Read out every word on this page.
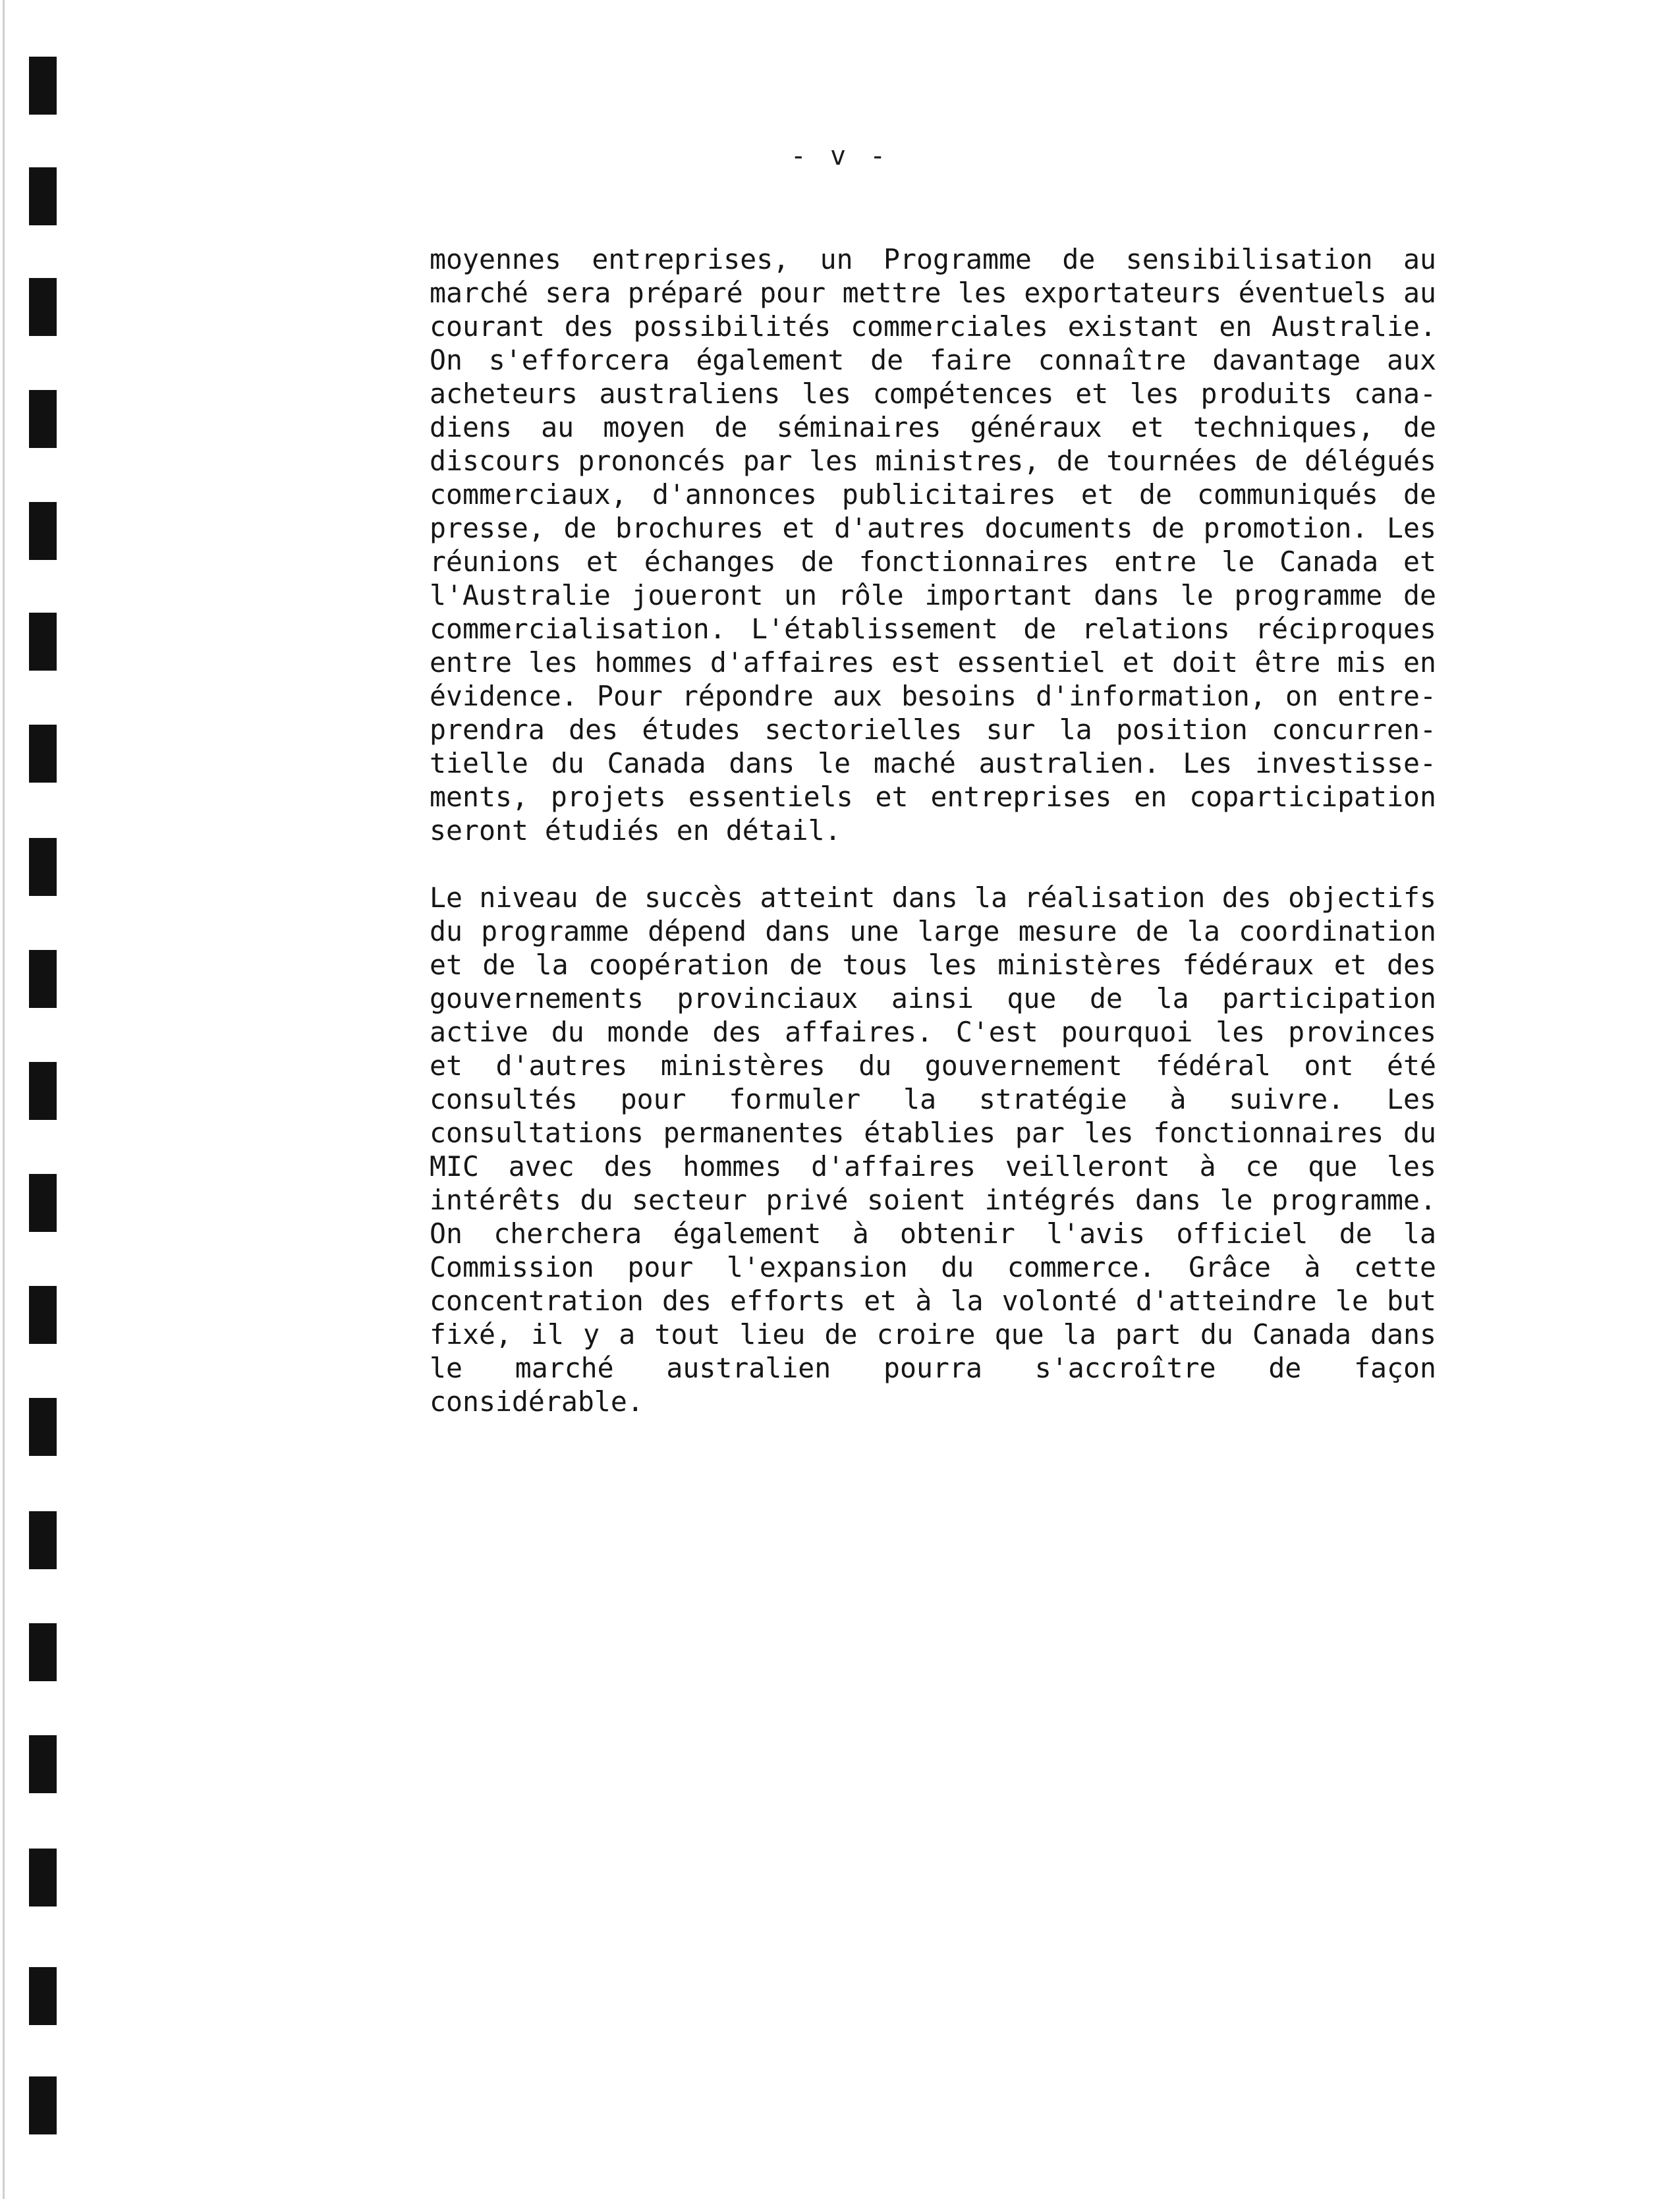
- v -
moyennes entreprises, un Programme de sensibilisation au
marché sera préparé pour mettre les exportateurs éventuels au
courant des possibilités commerciales existant en Australie.
On s'efforcera également de faire connaître davantage aux
acheteurs australiens les compétences et les produits cana-
diens au moyen de séminaires généraux et techniques, de
discours prononcés par les ministres, de tournées de délégués
commerciaux, d'annonces publicitaires et de communiqués de
presse, de brochures et d'autres documents de promotion. Les
réunions et échanges de fonctionnaires entre le Canada et
l'Australie joueront un rôle important dans le programme de
commercialisation. L'établissement de relations réciproques
entre les hommes d'affaires est essentiel et doit être mis en
évidence. Pour répondre aux besoins d'information, on entre-
prendra des études sectorielles sur la position concurren-
tielle du Canada dans le maché australien. Les investisse-
ments, projets essentiels et entreprises en coparticipation
seront étudiés en détail.
Le niveau de succès atteint dans la réalisation des objectifs
du programme dépend dans une large mesure de la coordination
et de la coopération de tous les ministères fédéraux et des
gouvernements provinciaux ainsi que de la participation
active du monde des affaires. C'est pourquoi les provinces
et d'autres ministères du gouvernement fédéral ont été
consultés pour formuler la stratégie à suivre. Les
consultations permanentes établies par les fonctionnaires du
MIC avec des hommes d'affaires veilleront à ce que les
intérêts du secteur privé soient intégrés dans le programme.
On cherchera également à obtenir l'avis officiel de la
Commission pour l'expansion du commerce. Grâce à cette
concentration des efforts et à la volonté d'atteindre le but
fixé, il y a tout lieu de croire que la part du Canada dans
le marché australien pourra s'accroître de façon
considérable.
